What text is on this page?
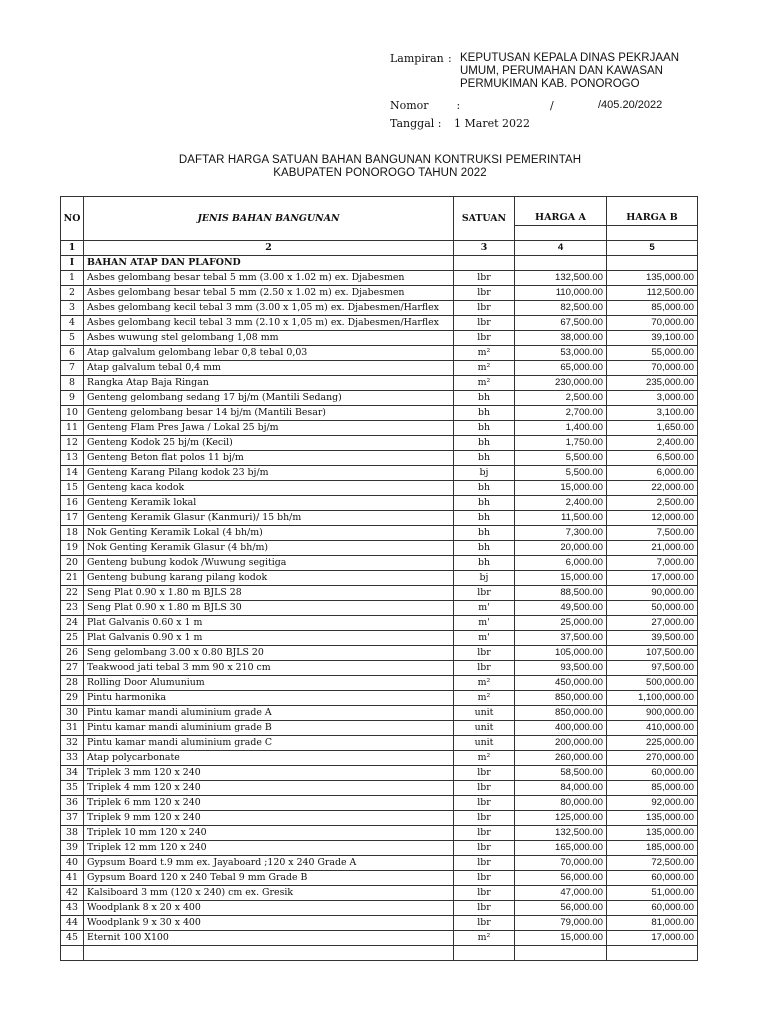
Lampiran : KEPUTUSAN KEPALA DINAS PEKRJAAN
UMUM, PERUMAHAN DAN KAWASAN
PERMUKIMAN KAB. PONOROGO
Nomor	:	/	/405.20/2022
Tanggal :	1 Maret 2022
DAFTAR HARGA SATUAN BAHAN BANGUNAN KONTRUKSI PEMERINTAH
KABUPATEN PONOROGO TAHUN 2022
NO	JENIS BAHAN BANGUNAN	SATUAN		
			HARGA A	HARGA B

1	2	3	4	5
I	BAHAN ATAP DAN PLAFOND			
1	Asbes gelombang besar tebal 5 mm (3.00 x 1.02 m) ex. Djabesmen	lbr	132,500.00	135,000.00
2	Asbes gelombang besar tebal 5 mm (2.50 x 1.02 m) ex. Djabesmen	lbr	110,000.00	112,500.00
3	Asbes gelombang kecil tebal 3 mm (3.00 x 1,05 m) ex. Djabesmen/Harflex	lbr	82,500.00	85,000.00
4	Asbes gelombang kecil tebal 3 mm (2.10 x 1,05 m) ex. Djabesmen/Harflex	lbr	67,500.00	70,000.00
5	Asbes wuwung stel gelombang 1,08 mm	lbr	38,000.00	39,100.00
6	Atap galvalum gelombang lebar 0,8 tebal 0,03	m²	53,000.00	55,000.00
7	Atap galvalum tebal 0,4 mm	m²	65,000.00	70,000.00
8	Rangka Atap Baja Ringan	m²	230,000.00	235,000.00
9	Genteng gelombang sedang 17 bj/m (Mantili Sedang)	bh	2,500.00	3,000.00
10	Genteng gelombang besar 14 bj/m (Mantili Besar)	bh	2,700.00	3,100.00
11	Genteng Flam Pres Jawa / Lokal 25 bj/m	bh	1,400.00	1,650.00
12	Genteng Kodok 25 bj/m (Kecil)	bh	1,750.00	2,400.00
13	Genteng Beton flat polos 11 bj/m	bh	5,500.00	6,500.00
14	Genteng Karang Pilang kodok 23 bj/m	bj	5,500.00	6,000.00
15	Genteng kaca kodok	bh	15,000.00	22,000.00
16	Genteng Keramik lokal	bh	2,400.00	2,500.00
17	Genteng Keramik Glasur (Kanmuri)/ 15 bh/m	bh	11,500.00	12,000.00
18	Nok Genting Keramik Lokal (4 bh/m)	bh	7,300.00	7,500.00
19	Nok Genting Keramik Glasur (4 bh/m)	bh	20,000.00	21,000.00
20	Genteng bubung kodok /Wuwung segitiga	bh	6,000.00	7,000.00
21	Genteng bubung karang pilang kodok	bj	15,000.00	17,000.00
22	Seng Plat 0.90 x 1.80 m BJLS 28	lbr	88,500.00	90,000.00
23	Seng Plat 0.90 x 1.80 m BJLS 30	m'	49,500.00	50,000.00
24	Plat Galvanis 0.60 x 1 m	m'	25,000.00	27,000.00
25	Plat Galvanis 0.90 x 1 m	m'	37,500.00	39,500.00
26	Seng gelombang 3.00 x 0.80 BJLS 20	lbr	105,000.00	107,500.00
27	Teakwood jati tebal 3 mm 90 x 210 cm	lbr	93,500.00	97,500.00
28	Rolling Door Alumunium	m²	450,000.00	500,000.00
29	Pintu harmonika	m²	850,000.00	1,100,000.00
30	Pintu kamar mandi aluminium grade A	unit	850,000.00	900,000.00
31	Pintu kamar mandi aluminium grade B	unit	400,000.00	410,000.00
32	Pintu kamar mandi aluminium grade C	unit	200,000.00	225,000.00
33	Atap polycarbonate	m²	260,000.00	270,000.00
34	Triplek 3 mm 120 x 240	lbr	58,500.00	60,000.00
35	Triplek 4 mm 120 x 240	lbr	84,000.00	85,000.00
36	Triplek 6 mm 120 x 240	lbr	80,000.00	92,000.00
37	Triplek 9 mm 120 x 240	lbr	125,000.00	135,000.00
38	Triplek 10 mm 120 x 240	lbr	132,500.00	135,000.00
39	Triplek 12 mm 120 x 240	lbr	165,000.00	185,000.00
40	Gypsum Board t.9 mm ex. Jayaboard ;120 x 240 Grade A	lbr	70,000.00	72,500.00
41	Gypsum Board 120 x 240 Tebal 9 mm Grade B	lbr	56,000.00	60,000.00
42	Kalsiboard 3 mm (120 x 240) cm ex. Gresik	lbr	47,000.00	51,000.00
43	Woodplank 8 x 20 x 400	lbr	56,000.00	60,000.00
44	Woodplank 9 x 30 x 400	lbr	79,000.00	81,000.00
45	Eternit 100 X100	m²	15,000.00	17,000.00
